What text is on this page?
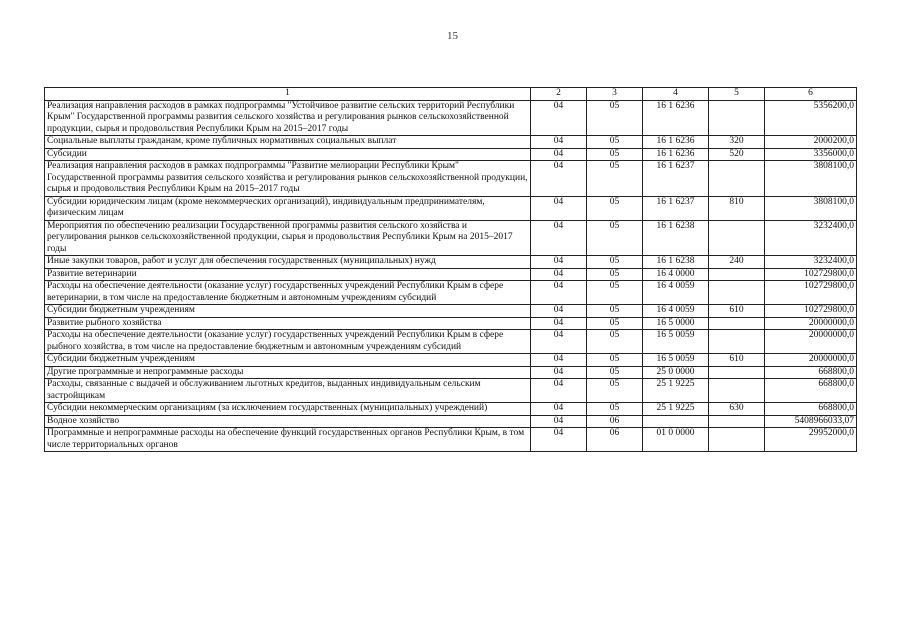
15
1	2	3	4	5	6
Реализация направления расходов в рамках подпрограммы "Устойчивое развитие сельских территорий Республики Крым" Государственной программы развития сельского хозяйства и регулирования рынков сельскохозяйственной продукции, сырья и продовольствия Республики Крым на 2015–2017 годы	04	05	16 1 6236		5356200,0
Социальные выплаты гражданам, кроме публичных нормативных социальных выплат	04	05	16 1 6236	320	2000200,0
Субсидии	04	05	16 1 6236	520	3356000,0
Реализация направления расходов в рамках подпрограммы "Развитие мелиорации Республики Крым" Государственной программы развития сельского хозяйства и регулирования рынков сельскохозяйственной продукции, сырья и продовольствия Республики Крым на 2015–2017 годы	04	05	16 1 6237		3808100,0
Субсидии юридическим лицам (кроме некоммерческих организаций), индивидуальным предпринимателям, физическим лицам	04	05	16 1 6237	810	3808100,0
Мероприятия по обеспечению реализации Государственной программы развития сельского хозяйства и регулирования рынков сельскохозяйственной продукции, сырья и продовольствия Республики Крым на 2015–2017 годы	04	05	16 1 6238		3232400,0
Иные закупки товаров, работ и услуг для обеспечения государственных (муниципальных) нужд	04	05	16 1 6238	240	3232400,0
Развитие ветеринарии	04	05	16 4 0000		102729800,0
Расходы на обеспечение деятельности (оказание услуг) государственных учреждений Республики Крым в сфере ветеринарии, в том числе на предоставление бюджетным и автономным учреждениям субсидий	04	05	16 4 0059		102729800,0
Субсидии бюджетным учреждениям	04	05	16 4 0059	610	102729800,0
Развитие рыбного хозяйства	04	05	16 5 0000		20000000,0
Расходы на обеспечение деятельности (оказание услуг) государственных учреждений Республики Крым в сфере рыбного хозяйства, в том числе на предоставление бюджетным и автономным учреждениям субсидий	04	05	16 5 0059		20000000,0
Субсидии бюджетным учреждениям	04	05	16 5 0059	610	20000000,0
Другие программные и непрограммные расходы	04	05	25 0 0000		668800,0
Расходы, связанные с выдачей и обслуживанием льготных кредитов, выданных индивидуальным сельским застройщикам	04	05	25 1 9225		668800,0
Субсидии некоммерческим организациям (за исключением государственных (муниципальных) учреждений)	04	05	25 1 9225	630	668800,0
Водное хозяйство	04	06			5408966033,07
Программные и непрограммные расходы на обеспечение функций государственных органов Республики Крым, в том числе территориальных органов	04	06	01 0 0000		29952000,0
